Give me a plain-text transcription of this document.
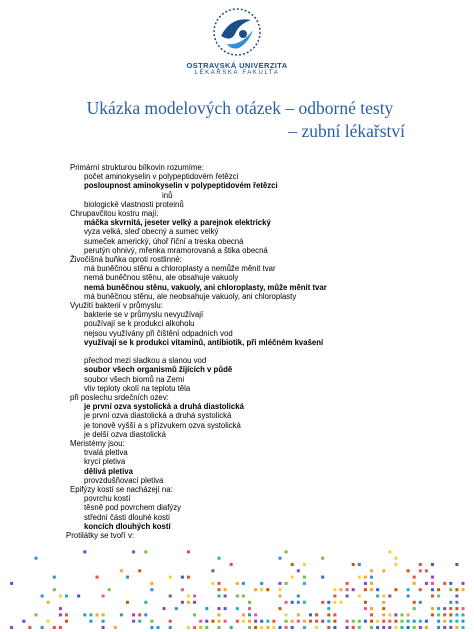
OSTRAVSKÁ UNIVERZITA
LÉKAŘSKÁ FAKULTA
Ukázka modelových otázek – odborné testy
– zubní lékařství
Primární strukturou bílkovin rozumíme:
počet aminokyselin v polypeptidovém řetězci
posloupnost aminokyselin v polypeptidovém řetězci
inů
biologické vlastnosti proteinů
Chrupavčitou kostru mají:
máčka skvrnitá, jeseter velký a parejnok elektrický
vyza velká, sleď obecný a sumec velký
sumeček americký, úhoř říční a treska obecná
perutýn ohnivý, mřenka mramorovaná a štika obecná
Živočišná buňka oproti rostlinné:
má buněčnou stěnu a chloroplasty a nemůže měnit tvar
nemá buněčnou stěnu, ale obsahuje vakuoly
nemá buněčnou stěnu, vakuoly, ani chloroplasty, může měnit tvar
má buněčnou stěnu, ale neobsahuje vakuoly, ani chloroplasty
Využití bakterií v průmyslu:
bakterie se v průmyslu nevyužívají
používají se k produkci alkoholu
nejsou využívány při čištění odpadních vod
využívají se k produkci vitamínů, antibiotik, při mléčném kvašení
přechod mezi sladkou a slanou vod
soubor všech organismů žijících v půdě
soubor všech biomů na Zemi
vliv teploty okolí na teplotu těla
při poslechu srdečních ozev:
je první ozva systolická a druhá diastolická
je první ozva diastolická a druhá systolická
je tonově vyšší a s přízvukem ozva systolická
je delší ozva diastolická
Meristémy jsou:
trvalá pletiva
krycí pletiva
dělivá pletiva
provzdušňovací pletiva
Epifýzy kostí se nacházejí na:
povrchu kostí
těsně pod povrchem diafýzy
střední části dlouhé kosti
koncích dlouhých kostí
Protilátky se tvoří v:
